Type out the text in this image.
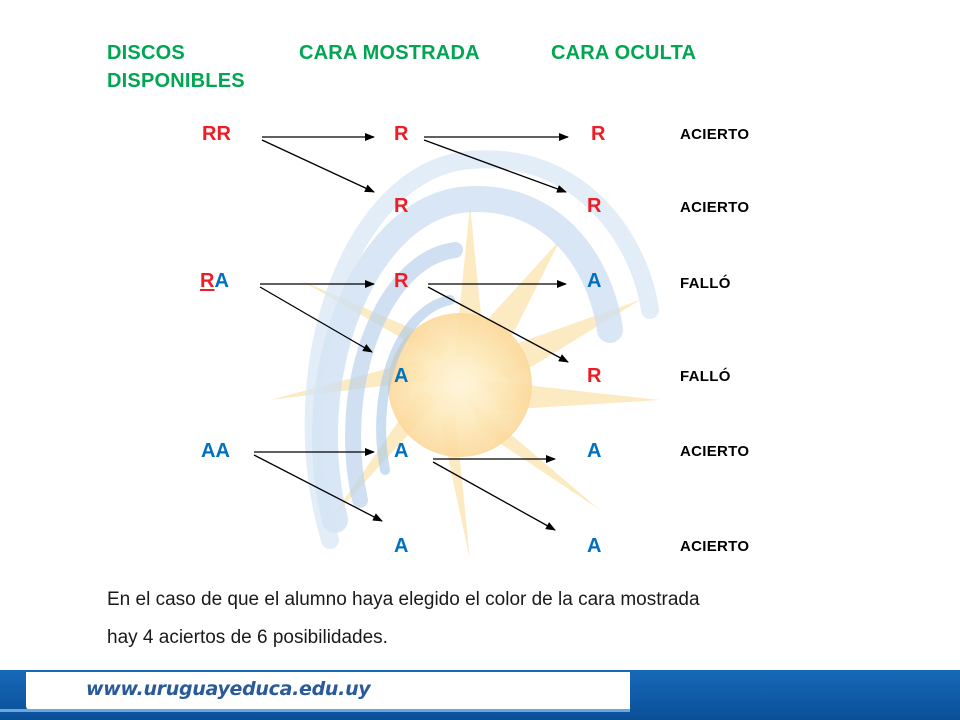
DISCOS
DISPONIBLES
CARA MOSTRADA	CARA OCULTA
RR
RA
AA
R
R
R
A
A
A
R
R
A
R
A
A
ACIERTO
ACIERTO
FALLÓ
FALLÓ
ACIERTO
ACIERTO
En el caso de que el alumno haya elegido el color de la cara mostrada
hay 4 aciertos de 6 posibilidades.
www.uruguayeduca.edu.uy
